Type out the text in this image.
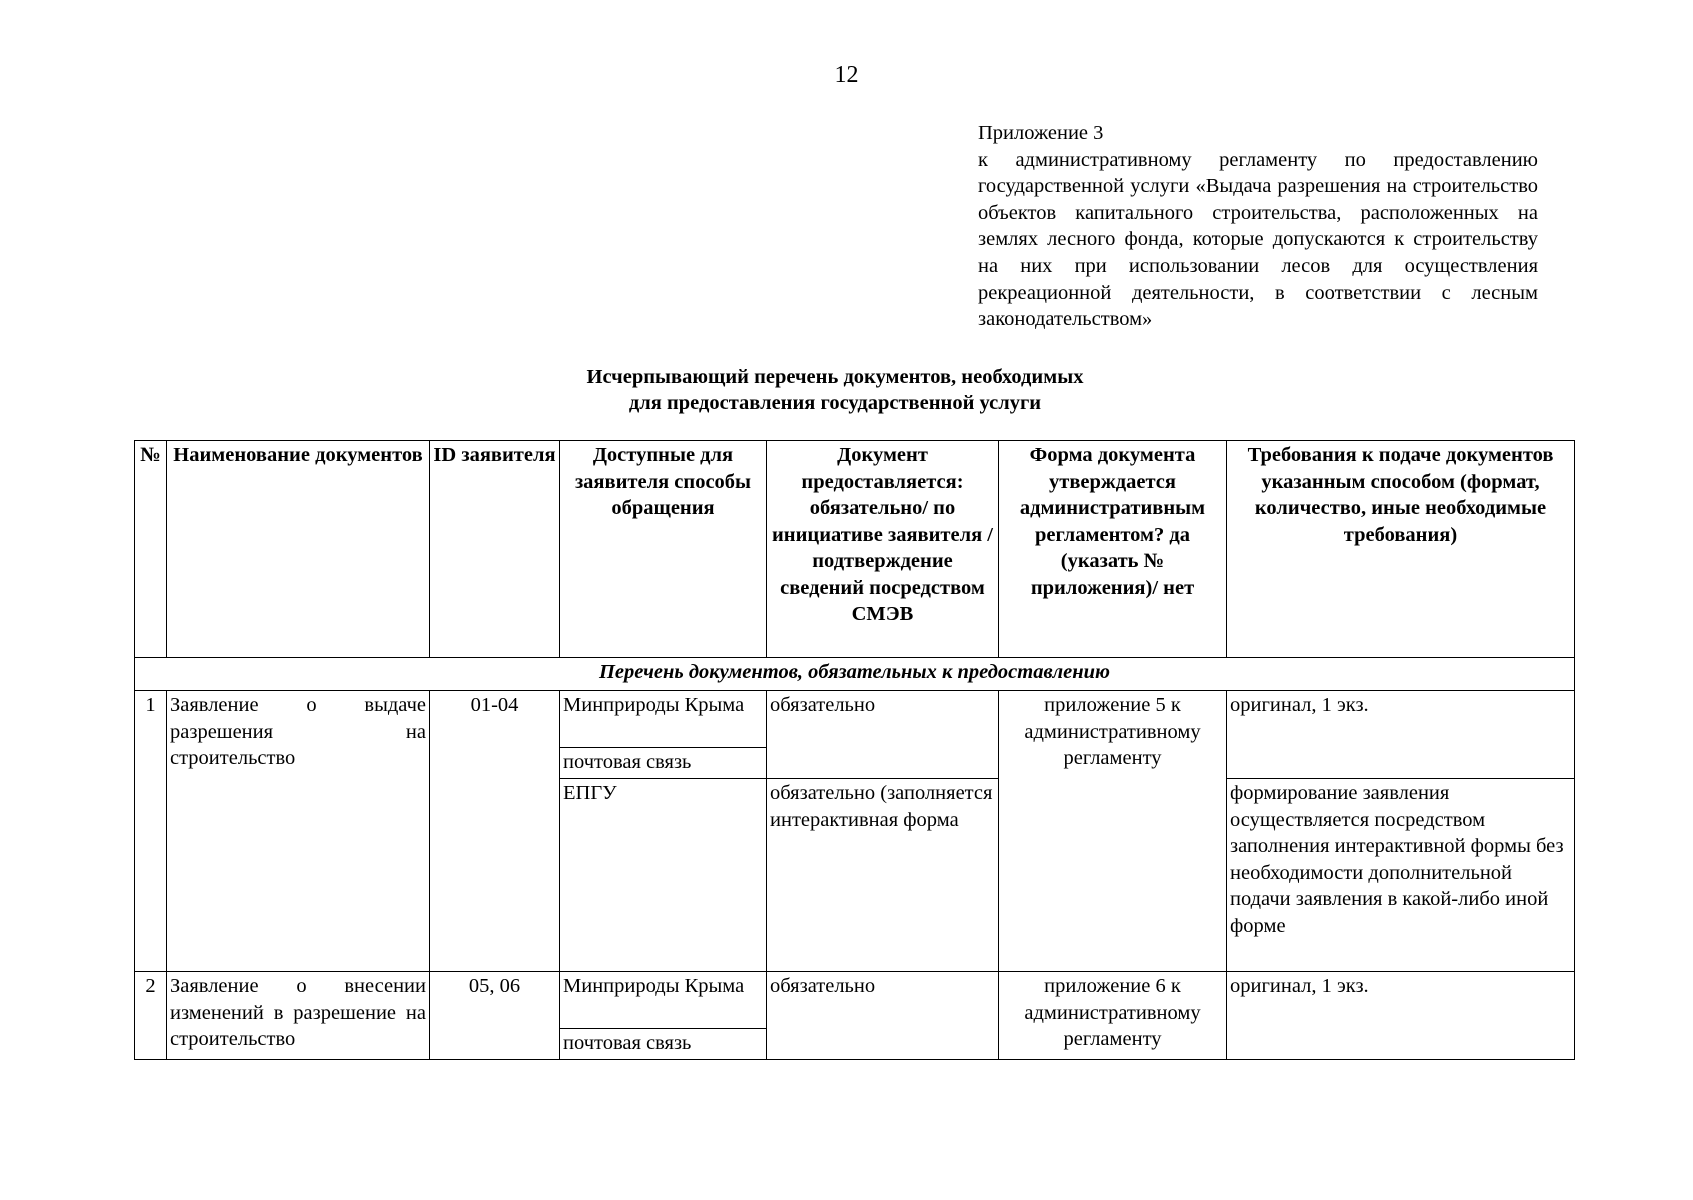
12
Приложение 3
к административному регламенту по предоставлению государственной услуги «Выдача разрешения на строительство объектов капитального строительства, расположенных на землях лесного фонда, которые допускаются к строительству на них при использовании лесов для осуществления рекреационной деятельности, в соответствии с лесным законодательством»
Исчерпывающий перечень документов, необходимых
для предоставления государственной услуги
№	Наименование документов	ID заявителя	Доступные для заявителя способы обращения	Документ предоставляется: обязательно/ по инициативе заявителя /подтверждение сведений посредством СМЭВ	Форма документа утверждается административным регламентом? да (указать № приложения)/ нет	Требования к подаче документов указанным способом (формат, количество, иные необходимые требования)
Перечень документов, обязательных к предоставлению						
1	Заявление о выдаче разрешения на строительство	01-04	Минприроды Крыма	обязательно	приложение 5 к административному регламенту	оригинал, 1 экз.
			почтовая связь			
			ЕПГУ	обязательно (заполняется интерактивная форма		формирование заявления осуществляется посредством заполнения интерактивной формы без необходимости дополнительной подачи заявления в какой-либо иной форме
2	Заявление о внесении изменений в разрешение на строительство	05, 06	Минприроды Крыма	обязательно	приложение 6 к административному регламенту	оригинал, 1 экз.
			почтовая связь			
